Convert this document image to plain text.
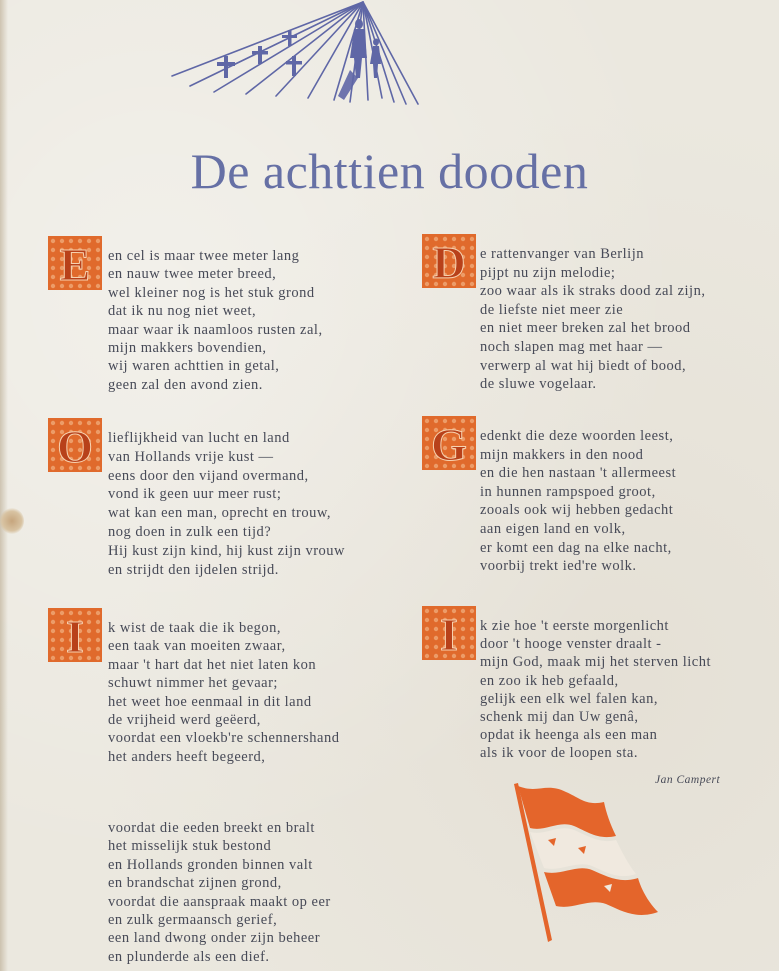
De achttien dooden
E en cel is maar twee meter lang
en nauw twee meter breed,
wel kleiner nog is het stuk grond
dat ik nu nog niet weet,
maar waar ik naamloos rusten zal,
mijn makkers bovendien,
wij waren achttien in getal,
geen zal den avond zien.
O lieflijkheid van lucht en land
van Hollands vrije kust —
eens door den vijand overmand,
vond ik geen uur meer rust;
wat kan een man, oprecht en trouw,
nog doen in zulk een tijd?
Hij kust zijn kind, hij kust zijn vrouw
en strijdt den ijdelen strijd.
I k wist de taak die ik begon,
een taak van moeiten zwaar,
maar 't hart dat het niet laten kon
schuwt nimmer het gevaar;
het weet hoe eenmaal in dit land
de vrijheid werd geëerd,
voordat een vloekb're schennershand
het anders heeft begeerd,
voordat die eeden breekt en bralt
het misselijk stuk bestond
en Hollands gronden binnen valt
en brandschat zijnen grond,
voordat die aanspraak maakt op eer
en zulk germaansch gerief,
een land dwong onder zijn beheer
en plunderde als een dief.
D e rattenvanger van Berlijn
pijpt nu zijn melodie;
zoo waar als ik straks dood zal zijn,
de liefste niet meer zie
en niet meer breken zal het brood
noch slapen mag met haar —
verwerp al wat hij biedt of bood,
de sluwe vogelaar.
G edenkt die deze woorden leest,
mijn makkers in den nood
en die hen nastaan 't allermeest
in hunnen rampspoed groot,
zooals ook wij hebben gedacht
aan eigen land en volk,
er komt een dag na elke nacht,
voorbij trekt ied're wolk.
I k zie hoe 't eerste morgenlicht
door 't hooge venster draalt -
mijn God, maak mij het sterven licht
en zoo ik heb gefaald,
gelijk een elk wel falen kan,
schenk mij dan Uw genâ,
opdat ik heenga als een man
als ik voor de loopen sta.
Jan Campert
